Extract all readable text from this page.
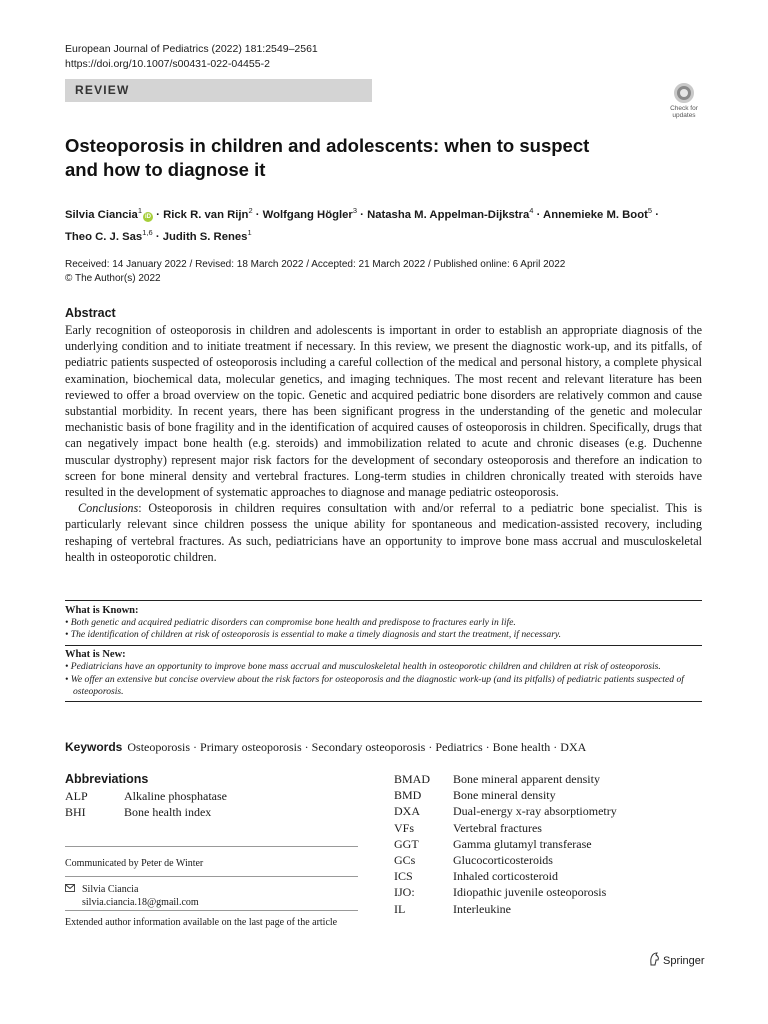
European Journal of Pediatrics (2022) 181:2549–2561
https://doi.org/10.1007/s00431-022-04455-2
REVIEW
Check for updates
Osteoporosis in children and adolescents: when to suspect and how to diagnose it
Silvia Ciancia$^1$iD · Rick R. van Rijn$^2$ · Wolfgang Högler$^3$ · Natasha M. Appelman-Dijkstra$^4$ · Annemieke M. Boot$^5$ ·
Theo C. J. Sas$^{1,6}$ · Judith S. Renes$^1$
Received: 14 January 2022 / Revised: 18 March 2022 / Accepted: 21 March 2022 / Published online: 6 April 2022
© The Author(s) 2022
Abstract

Early recognition of osteoporosis in children and adolescents is important in order to establish an appropriate diagnosis of the underlying condition and to initiate treatment if necessary. In this review, we present the diagnostic work-up, and its pitfalls, of pediatric patients suspected of osteoporosis including a careful collection of the medical and personal history, a complete physical examination, biochemical data, molecular genetics, and imaging techniques. The most recent and relevant literature has been reviewed to offer a broad overview on the topic. Genetic and acquired pediatric bone disorders are relatively common and cause substantial morbidity. In recent years, there has been significant progress in the understanding of the genetic and molecular mechanistic basis of bone fragility and in the identification of acquired causes of osteoporosis in children. Specifically, drugs that can negatively impact bone health (e.g. steroids) and immobilization related to acute and chronic diseases (e.g. Duchenne muscular dystrophy) represent major risk factors for the development of secondary osteoporosis and therefore an indication to screen for bone mineral density and vertebral fractures. Long-term studies in children chronically treated with steroids have resulted in the development of systematic approaches to diagnose and manage pediatric osteoporosis.

Conclusions: Osteoporosis in children requires consultation with and/or referral to a pediatric bone specialist. This is particularly relevant since children possess the unique ability for spontaneous and medication-assisted recovery, including reshaping of vertebral fractures. As such, pediatricians have an opportunity to improve bone mass accrual and musculoskeletal health in osteoporotic children.

What is Known:
• Both genetic and acquired pediatric disorders can compromise bone health and predispose to fractures early in life.
• The identification of children at risk of osteoporosis is essential to make a timely diagnosis and start the treatment, if necessary.
What is New:
• Pediatricians have an opportunity to improve bone mass accrual and musculoskeletal health in osteoporotic children and children at risk of osteoporosis.
• We offer an extensive but concise overview about the risk factors for osteoporosis and the diagnostic work-up (and its pitfalls) of pediatric patients suspected of osteoporosis.
Keywords Osteoporosis · Primary osteoporosis · Secondary osteoporosis · Pediatrics · Bone health · DXA
Abbreviations
ALP	Alkaline phosphatase
BHI	Bone health index
BMAD Bone mineral apparent density
BMD	Bone mineral density
DXA	Dual-energy x-ray absorptiometry
VFs	Vertebral fractures
GGT	Gamma glutamyl transferase
GCs	Glucocorticosteroids
ICS	Inhaled corticosteroid
IJO:	Idiopathic juvenile osteoporosis
IL	Interleukine
Communicated by Peter de Winter
Silvia Ciancia
silvia.ciancia.18@gmail.com
Extended author information available on the last page of the article
Springer
